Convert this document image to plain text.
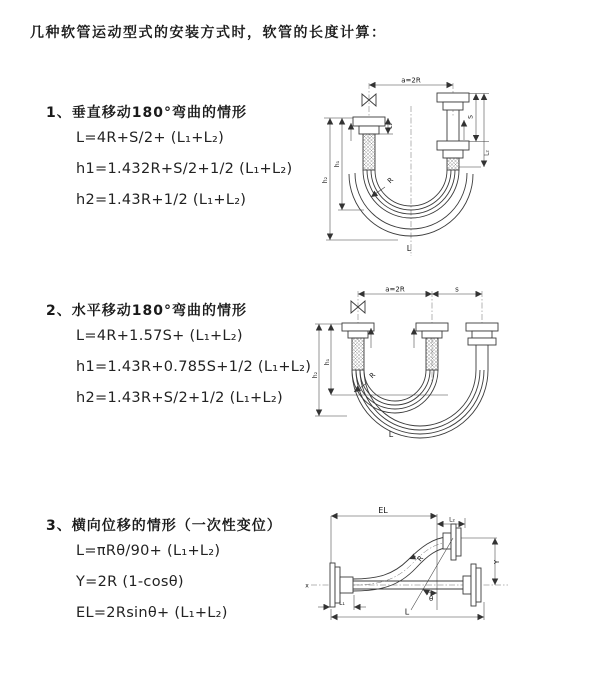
几种软管运动型式的安装方式时，软管的长度计算：
1、垂直移动180°弯曲的情形
L=4R+S/2+ (L₁+L₂)
h1=1.432R+S/2+1/2 (L₁+L₂)
h2=1.43R+1/2 (L₁+L₂)
2、水平移动180°弯曲的情形
L=4R+1.57S+ (L₁+L₂)
h1=1.43R+0.785S+1/2 (L₁+L₂)
h2=1.43R+S/2+1/2 (L₁+L₂)
3、横向位移的情形（一次性变位）
L=πRθ/90+ (L₁+L₂)
Y=2R (1-cosθ)
EL=2Rsinθ+ (L₁+L₂)
a=2R
h₁
h₂
L₁
S
L₂
R
L
a=2R	s
h₁
h₂	R
L
x
EL
L₂
Y
θ
R
L₁
L
